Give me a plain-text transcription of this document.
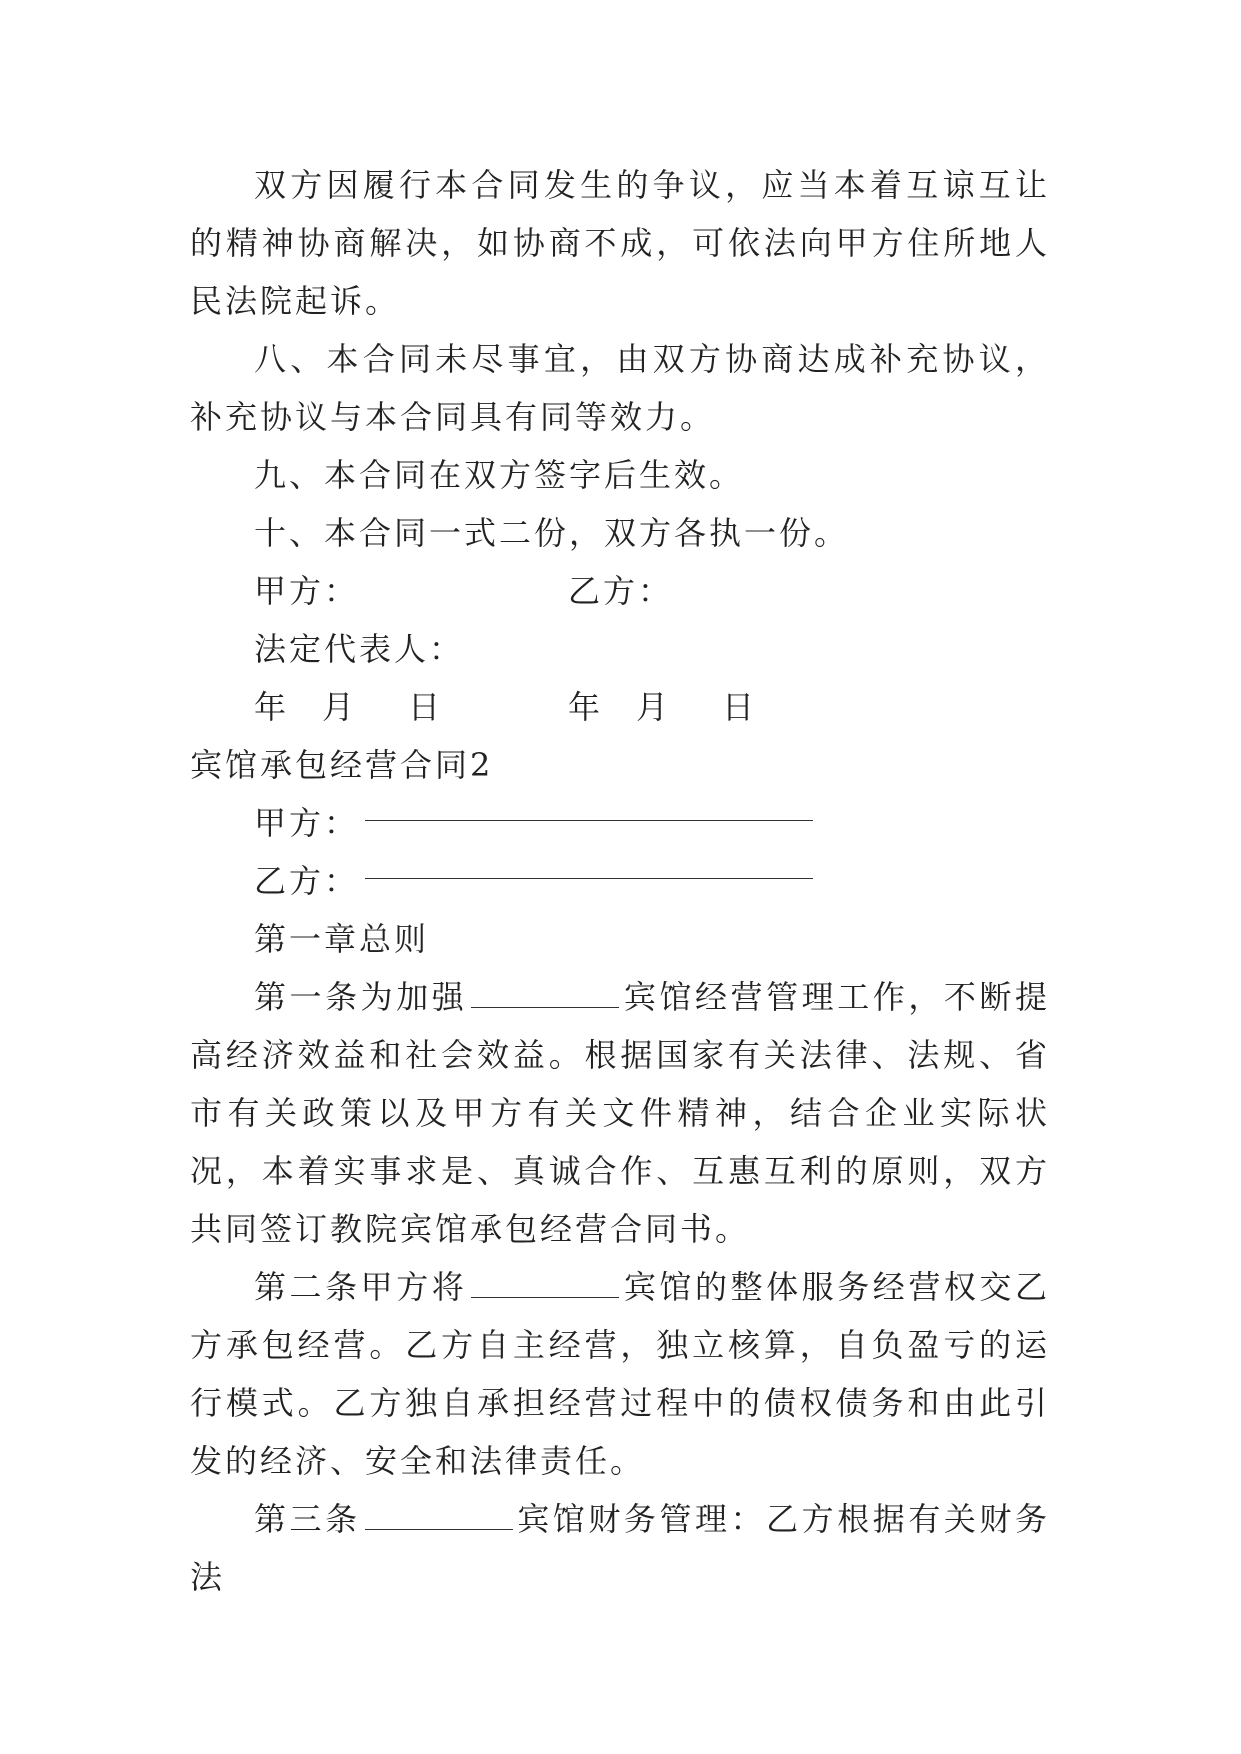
双方因履行本合同发生的争议，应当本着互谅互让的精神协商解决，如协商不成，可依法向甲方住所地人民法院起诉。

八、本合同未尽事宜，由双方协商达成补充协议，补充协议与本合同具有同等效力。

九、本合同在双方签字后生效。

十、本合同一式二份，双方各执一份。

甲方：	乙方：
法定代表人：
年	月	日	年	月	日

宾馆承包经营合同2

甲方：
乙方：

第一章总则

第一条为加强	宾馆经营管理工作，不断提高经济效益和社会效益。根据国家有关法律、法规、省市有关政策以及甲方有关文件精神，结合企业实际状况，本着实事求是、真诚合作、互惠互利的原则，双方共同签订教院宾馆承包经营合同书。

第二条甲方将	宾馆的整体服务经营权交乙方承包经营。乙方自主经营，独立核算，自负盈亏的运行模式。乙方独自承担经营过程中的债权债务和由此引发的经济、安全和法律责任。

第三条	宾馆财务管理：乙方根据有关财务法
